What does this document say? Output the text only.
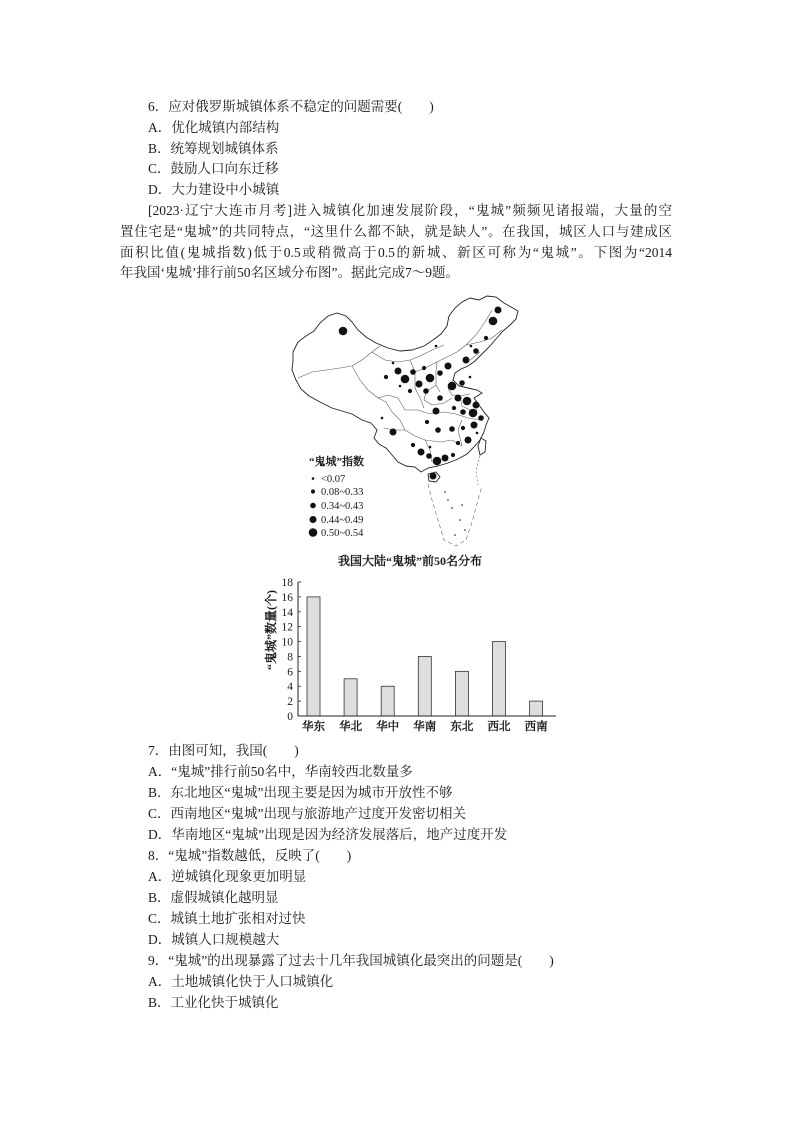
6．应对俄罗斯城镇体系不稳定的问题需要(　　)
A．优化城镇内部结构
B．统筹规划城镇体系
C．鼓励人口向东迁移
D．大力建设中小城镇
[2023·辽宁大连市月考]进入城镇化加速发展阶段，“鬼城”频频见诸报端，大量的空
置住宅是“鬼城”的共同特点，“这里什么都不缺，就是缺人”。在我国，城区人口与建成区
面积比值(鬼城指数)低于0.5或稍微高于0.5的新城、新区可称为“鬼城”。下图为“2014
年我国‘鬼城’排行前50名区域分布图”。据此完成7～9题。
“鬼城”指数
<0.07
0.08~0.33
0.34~0.43
0.44~0.49
0.50~0.54
我国大陆“鬼城”前50名分布
0
2
4
6
8
10
12
14
16
18
华东 华北 华中 华南 东北 西北 西南
“鬼城”数量(个)
7．由图可知，我国(　　)
A．“鬼城”排行前50名中，华南较西北数量多
B．东北地区“鬼城”出现主要是因为城市开放性不够
C．西南地区“鬼城”出现与旅游地产过度开发密切相关
D．华南地区“鬼城”出现是因为经济发展落后，地产过度开发
8．“鬼城”指数越低，反映了(　　)
A．逆城镇化现象更加明显
B．虚假城镇化越明显
C．城镇土地扩张相对过快
D．城镇人口规模越大
9．“鬼城”的出现暴露了过去十几年我国城镇化最突出的问题是(　　)
A．土地城镇化快于人口城镇化
B．工业化快于城镇化
